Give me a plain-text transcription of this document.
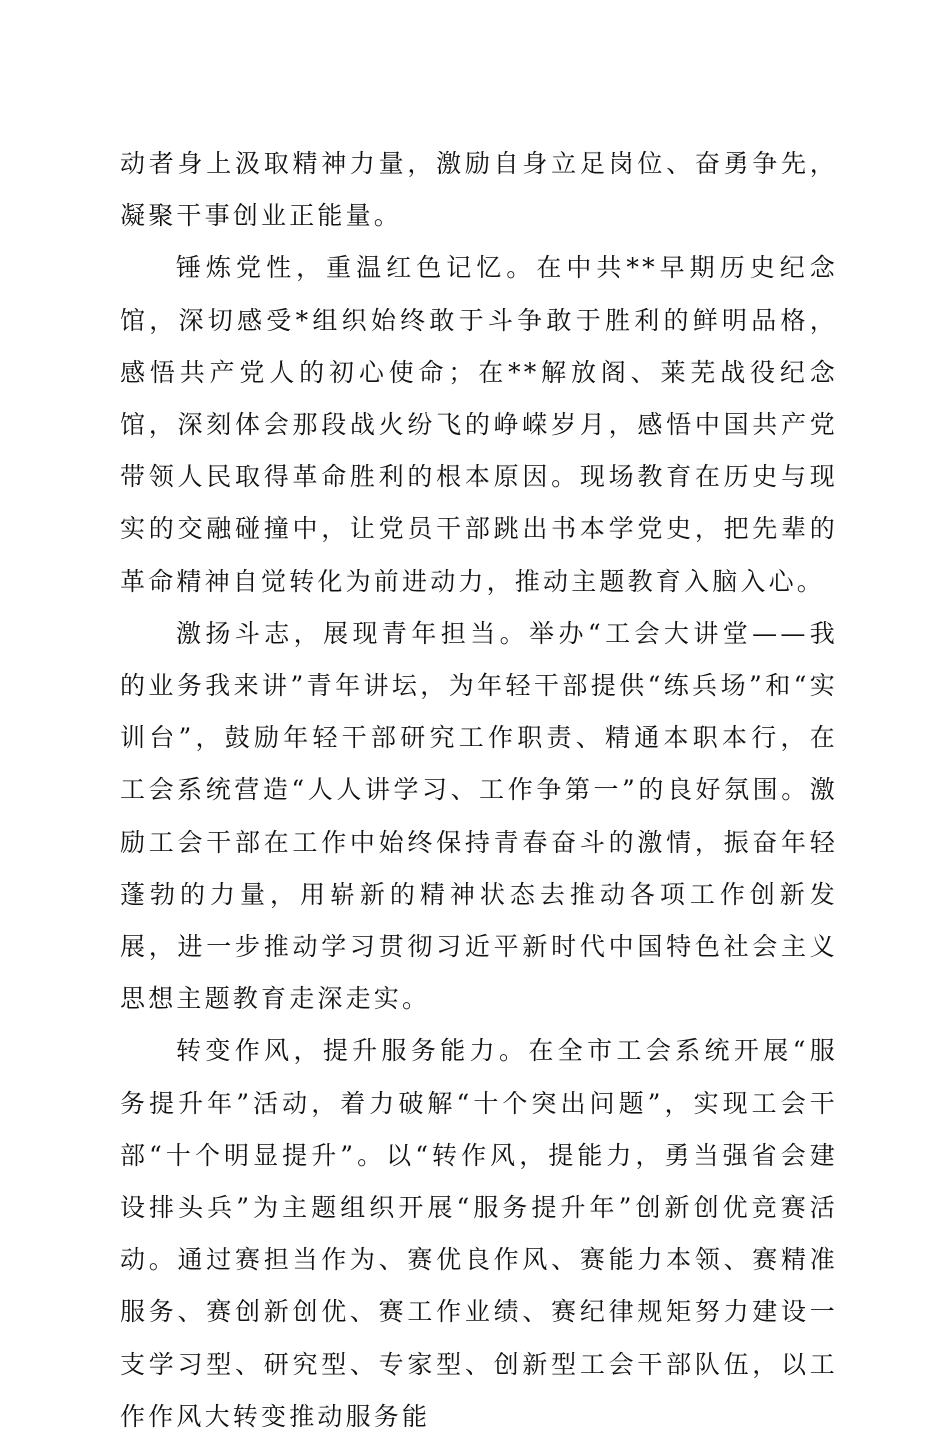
动者身上汲取精神力量，激励自身立足岗位、奋勇争先，凝聚干事创业正能量。

锤炼党性，重温红色记忆。在中共**早期历史纪念馆，深切感受*组织始终敢于斗争敢于胜利的鲜明品格，感悟共产党人的初心使命；在**解放阁、莱芜战役纪念馆，深刻体会那段战火纷飞的峥嵘岁月，感悟中国共产党带领人民取得革命胜利的根本原因。现场教育在历史与现实的交融碰撞中，让党员干部跳出书本学党史，把先辈的革命精神自觉转化为前进动力，推动主题教育入脑入心。

激扬斗志，展现青年担当。举办“工会大讲堂——我的业务我来讲”青年讲坛，为年轻干部提供“练兵场”和“实训台”，鼓励年轻干部研究工作职责、精通本职本行，在工会系统营造“人人讲学习、工作争第一”的良好氛围。激励工会干部在工作中始终保持青春奋斗的激情，振奋年轻蓬勃的力量，用崭新的精神状态去推动各项工作创新发展，进一步推动学习贯彻习近平新时代中国特色社会主义思想主题教育走深走实。

转变作风，提升服务能力。在全市工会系统开展“服务提升年”活动，着力破解“十个突出问题”，实现工会干部“十个明显提升”。以“转作风，提能力，勇当强省会建设排头兵”为主题组织开展“服务提升年”创新创优竞赛活动。通过赛担当作为、赛优良作风、赛能力本领、赛精准服务、赛创新创优、赛工作业绩、赛纪律规矩努力建设一支学习型、研究型、专家型、创新型工会干部队伍，以工作作风大转变推动服务能
